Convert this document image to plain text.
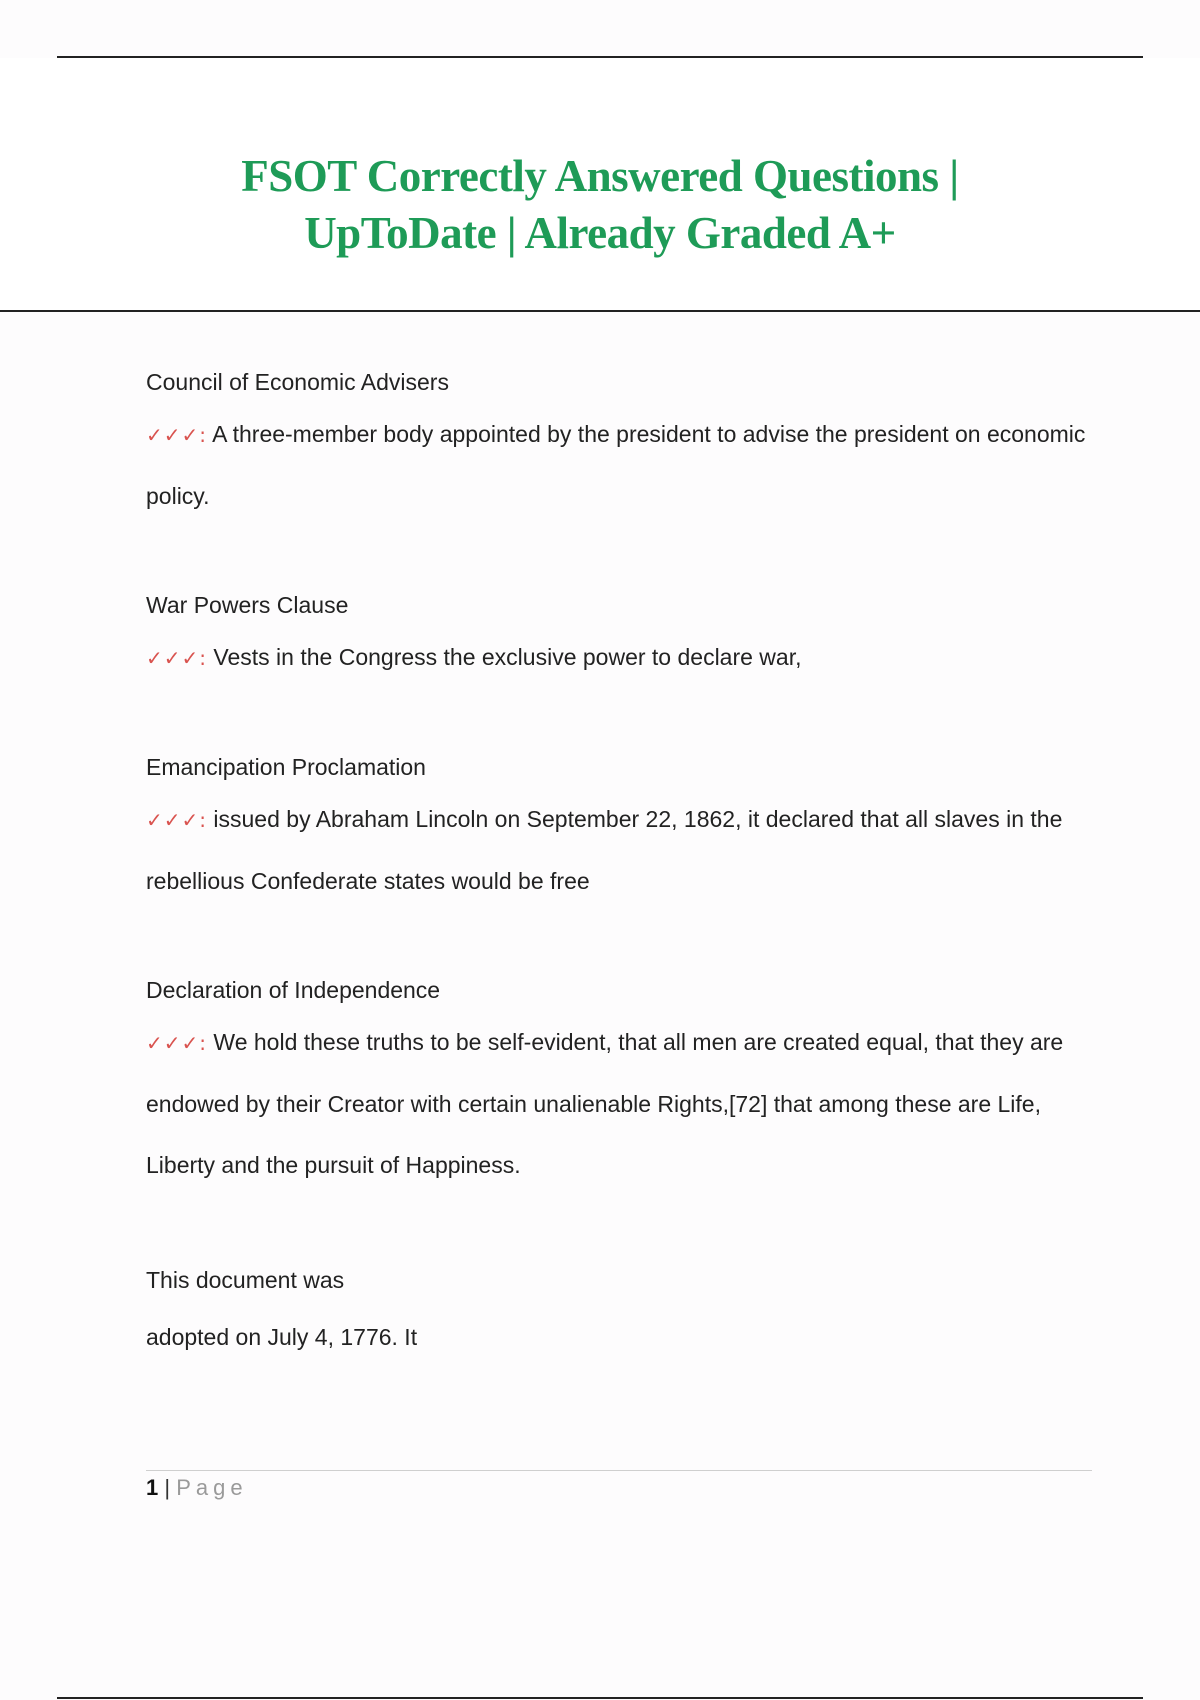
FSOT Correctly Answered Questions |
UpToDate | Already Graded A+
Council of Economic Advisers
✓✓✓: A three-member body appointed by the president to advise the president on economic policy.
War Powers Clause
✓✓✓: Vests in the Congress the exclusive power to declare war,
Emancipation Proclamation
✓✓✓: issued by Abraham Lincoln on September 22, 1862, it declared that all slaves in the rebellious Confederate states would be free
Declaration of Independence
✓✓✓: We hold these truths to be self-evident, that all men are created equal, that they are endowed by their Creator with certain unalienable Rights,[72] that among these are Life, Liberty and the pursuit of Happiness.
This document was
adopted on July 4, 1776. It
1 | Page
